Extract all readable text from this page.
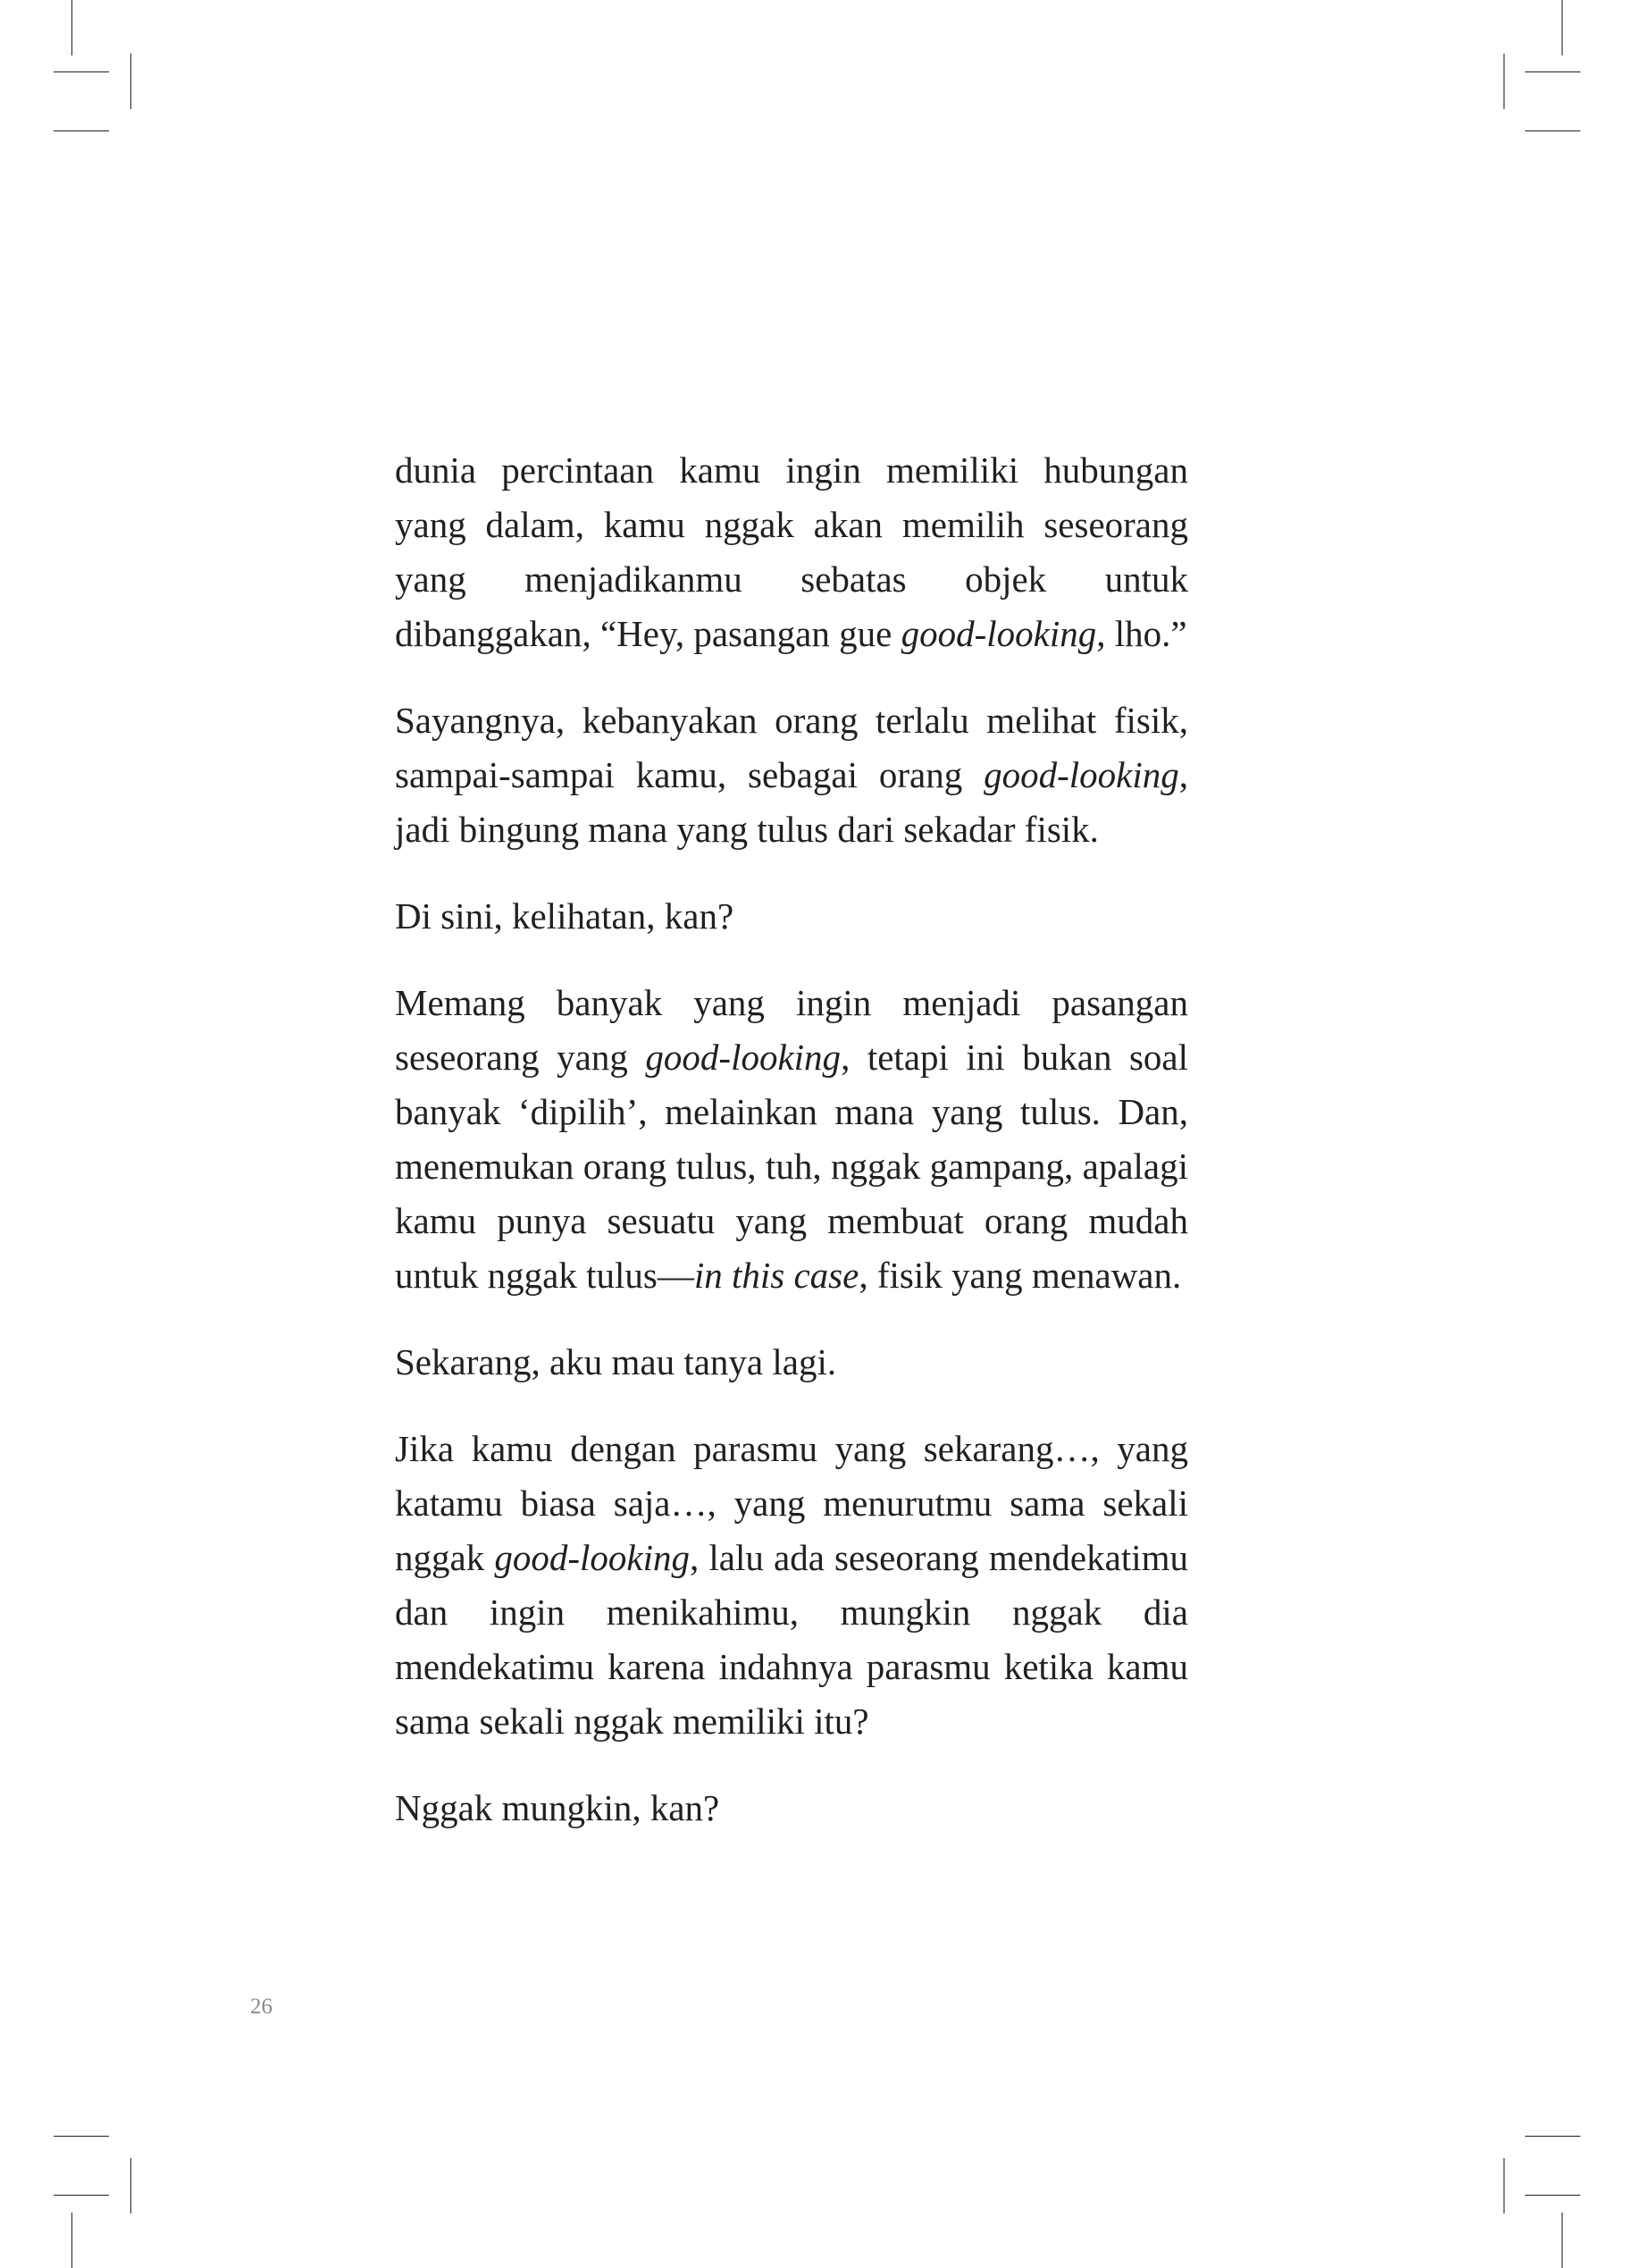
dunia percintaan kamu ingin memiliki hubungan yang dalam, kamu nggak akan memilih seseorang yang menjadikanmu sebatas objek untuk dibanggakan, “Hey, pasangan gue good-looking, lho.”

Sayangnya, kebanyakan orang terlalu melihat fisik, sampai-sampai kamu, sebagai orang good-looking, jadi bingung mana yang tulus dari sekadar fisik.

Di sini, kelihatan, kan?

Memang banyak yang ingin menjadi pasangan seseorang yang good-looking, tetapi ini bukan soal banyak ‘dipilih’, melainkan mana yang tulus. Dan, menemukan orang tulus, tuh, nggak gampang, apalagi kamu punya sesuatu yang membuat orang mudah untuk nggak tulus—in this case, fisik yang menawan.

Sekarang, aku mau tanya lagi.

Jika kamu dengan parasmu yang sekarang…, yang katamu biasa saja…, yang menurutmu sama sekali nggak good-looking, lalu ada seseorang mendekatimu dan ingin menikahimu, mungkin nggak dia mendekatimu karena indahnya parasmu ketika kamu sama sekali nggak memiliki itu?

Nggak mungkin, kan?

26
